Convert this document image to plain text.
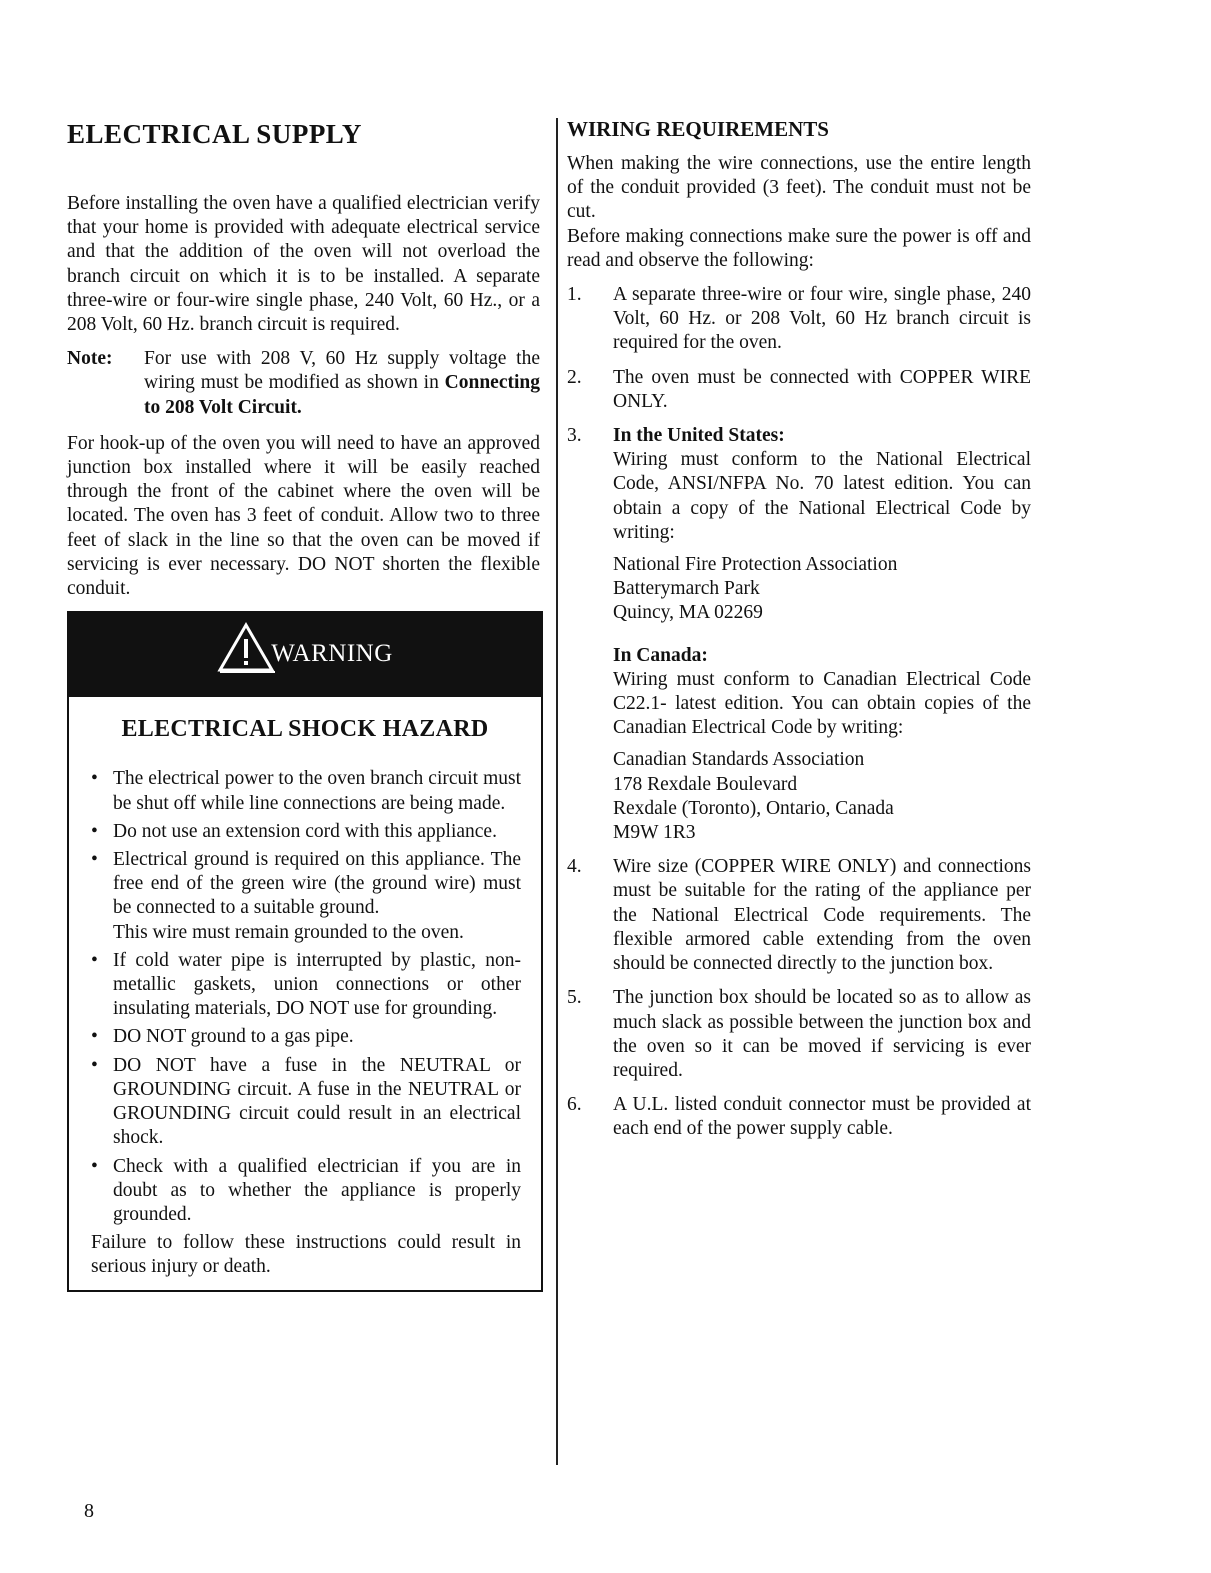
ELECTRICAL SUPPLY

Before installing the oven have a qualified electrician verify that your home is provided with adequate electrical service and that the addition of the oven will not overload the branch circuit on which it is to be installed. A separate three-wire or four-wire single phase, 240 Volt, 60 Hz., or a 208 Volt, 60 Hz. branch circuit is required.

Note:	For use with 208 V, 60 Hz supply voltage the wiring must be modified as shown in Connecting to 208 Volt Circuit.

For hook-up of the oven you will need to have an approved junction box installed where it will be easily reached through the front of the cabinet where the oven will be located. The oven has 3 feet of conduit. Allow two to three feet of slack in the line so that the oven can be moved if servicing is ever necessary. DO NOT shorten the flexible conduit.

WARNING
ELECTRICAL SHOCK HAZARD
• The electrical power to the oven branch circuit must be shut off while line connections are being made.
• Do not use an extension cord with this appliance.
• Electrical ground is required on this appliance. The free end of the green wire (the ground wire) must be connected to a suitable ground.
This wire must remain grounded to the oven.
• If cold water pipe is interrupted by plastic, non-metallic gaskets, union connections or other insulating materials, DO NOT use for grounding.
• DO NOT ground to a gas pipe.
• DO NOT have a fuse in the NEUTRAL or GROUNDING circuit. A fuse in the NEUTRAL or GROUNDING circuit could result in an electrical shock.
• Check with a qualified electrician if you are in doubt as to whether the appliance is properly grounded.
Failure to follow these instructions could result in serious injury or death.
WIRING REQUIREMENTS

When making the wire connections, use the entire length of the conduit provided (3 feet). The conduit must not be cut.

Before making connections make sure the power is off and read and observe the following:

1.	A separate three-wire or four wire, single phase, 240 Volt, 60 Hz. or 208 Volt, 60 Hz branch circuit is required for the oven.
2.	The oven must be connected with COPPER WIRE ONLY.
3.	In the United States:
Wiring must conform to the National Electrical Code, ANSI/NFPA No. 70 latest edition. You can obtain a copy of the National Electrical Code by writing:
National Fire Protection Association
Batterymarch Park
Quincy, MA 02269
In Canada:
Wiring must conform to Canadian Electrical Code C22.1- latest edition. You can obtain copies of the Canadian Electrical Code by writing:
Canadian Standards Association
178 Rexdale Boulevard
Rexdale (Toronto), Ontario, Canada
M9W 1R3
4.	Wire size (COPPER WIRE ONLY) and connections must be suitable for the rating of the appliance per the National Electrical Code requirements. The flexible armored cable extending from the oven should be connected directly to the junction box.
5.	The junction box should be located so as to allow as much slack as possible between the junction box and the oven so it can be moved if servicing is ever required.
6.	A U.L. listed conduit connector must be provided at each end of the power supply cable.
8
